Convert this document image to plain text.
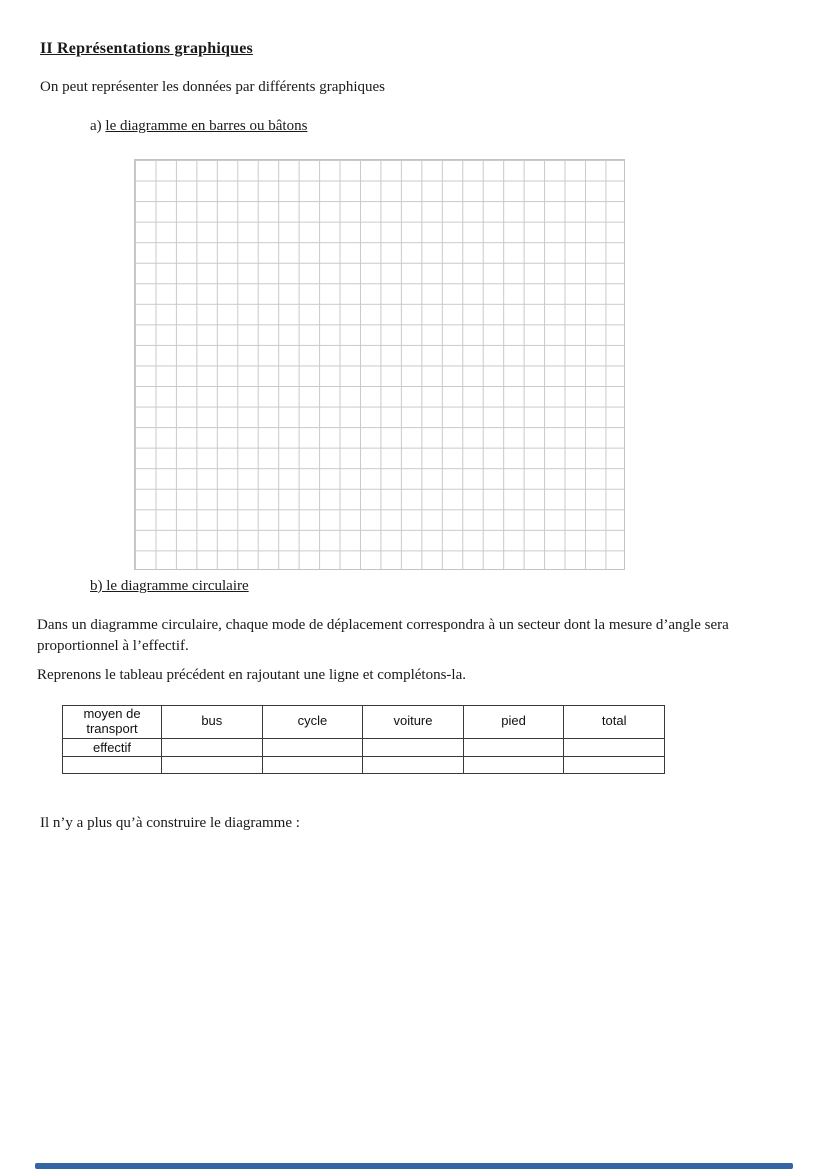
II Représentations graphiques
On peut représenter les données par différents graphiques
a) le diagramme en barres ou bâtons
b) le diagramme circulaire
Dans un diagramme circulaire, chaque mode de déplacement correspondra à un secteur dont la mesure d’angle sera proportionnel à l’effectif.
Reprenons le tableau précédent en rajoutant une ligne et complétons-la.
moyen de transport	bus	cycle	voiture	pied	total
effectif					

Il n’y a plus qu’à construire le diagramme :
